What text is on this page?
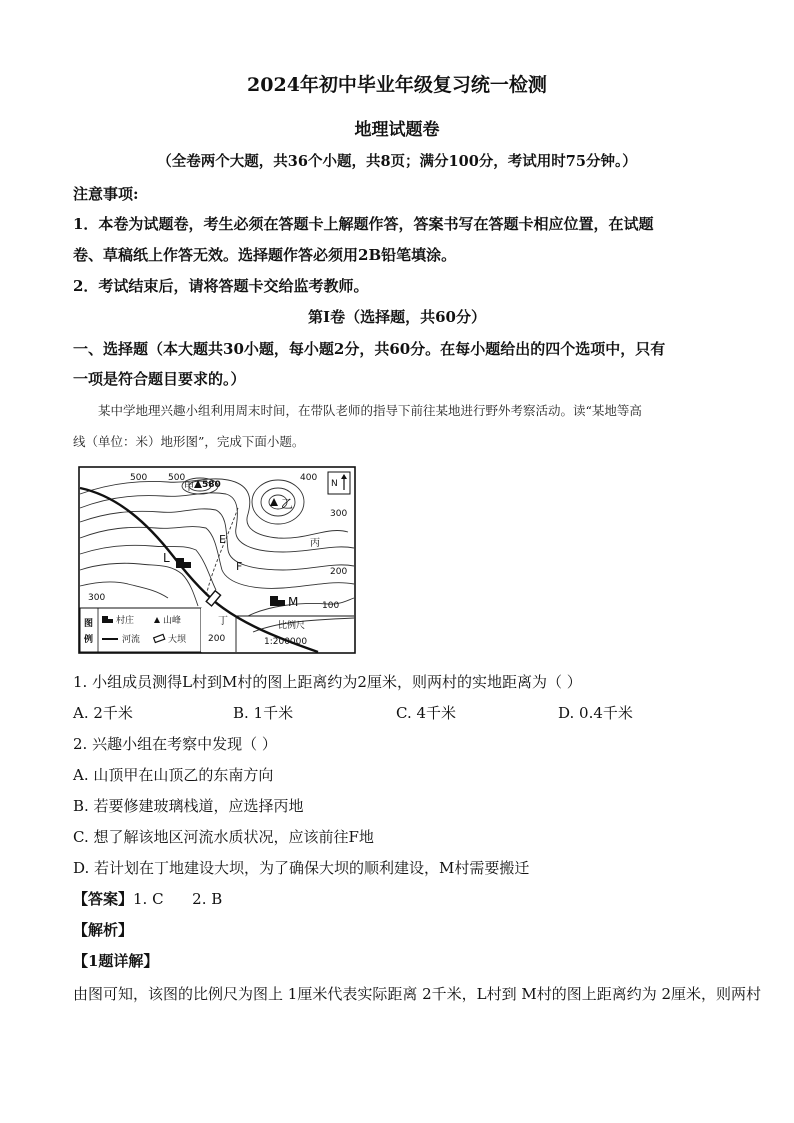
2024年初中毕业年级复习统一检测
地理试题卷
（全卷两个大题，共36个小题，共8页；满分100分，考试用时75分钟。）
注意事项:
1．本卷为试题卷，考生必须在答题卡上解题作答，答案书写在答题卡相应位置，在试题
卷、草稿纸上作答无效。选择题作答必须用2B铅笔填涂。
2．考试结束后，请将答题卡交给监考教师。
第Ⅰ卷（选择题，共60分）
一、选择题（本大题共30小题，每小题2分，共60分。在每小题给出的四个选项中，只有
一项是符合题目要求的。）
某中学地理兴趣小组利用周末时间，在带队老师的指导下前往某地进行野外考察活动。读“某地等高
线（单位：米）地形图”，完成下面小题。
500 500
580
400
300
200
300
100
200
甲
乙
丙
丁
E
F
L
M
N
图
例
村庄	山峰
河流	大坝
比例尺
1:200000
1. 小组成员测得L村到M村的图上距离约为2厘米，则两村的实地距离为（ ）
A. 2千米	B. 1千米	C. 4千米	D. 0.4千米
2. 兴趣小组在考察中发现（ ）
A. 山顶甲在山顶乙的东南方向
B. 若要修建玻璃栈道，应选择丙地
C. 想了解该地区河流水质状况，应该前往F地
D. 若计划在丁地建设大坝，为了确保大坝的顺利建设，M村需要搬迁
【答案】1. C      2. B
【解析】
【1题详解】
由图可知，该图的比例尺为图上 1厘米代表实际距离 2千米，L村到 M村的图上距离约为 2厘米，则两村
